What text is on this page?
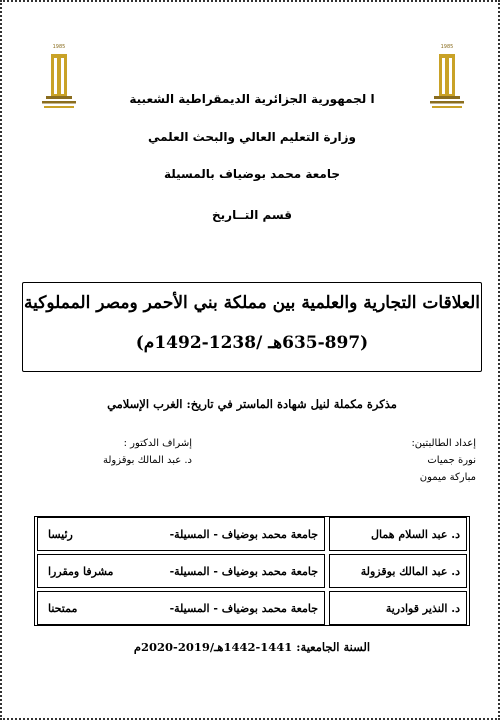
1985	1985
ا لجمهورية الجزائرية الديمقراطية الشعبية
وزارة التعليم العالي والبحث العلمي
جامعة محمد بوضياف بالمسيلة
قسم التــاريخ
العلاقات التجارية والعلمية بين مملكة بني الأحمر ومصر المملوكية
(635-897هـ /1238-1492م)
مذكرة مكملة لنيل شهادة الماستر في تاريخ: الغرب الإسلامي
إعداد الطالبتين:
نورة جميات
مباركة ميمون
إشراف الدكتور :
د. عبد المالك بوقزولة
د. عبد السلام همال
جامعة محمد بوضياف - المسيلة-
رئيسا
د. عبد المالك بوقزولة
جامعة محمد بوضياف - المسيلة-
مشرفا ومقررا
د. النذير قوادرية
جامعة محمد بوضياف - المسيلة-
ممتحنا
السنة الجامعية: 1441-1442هـ/2019-2020م
